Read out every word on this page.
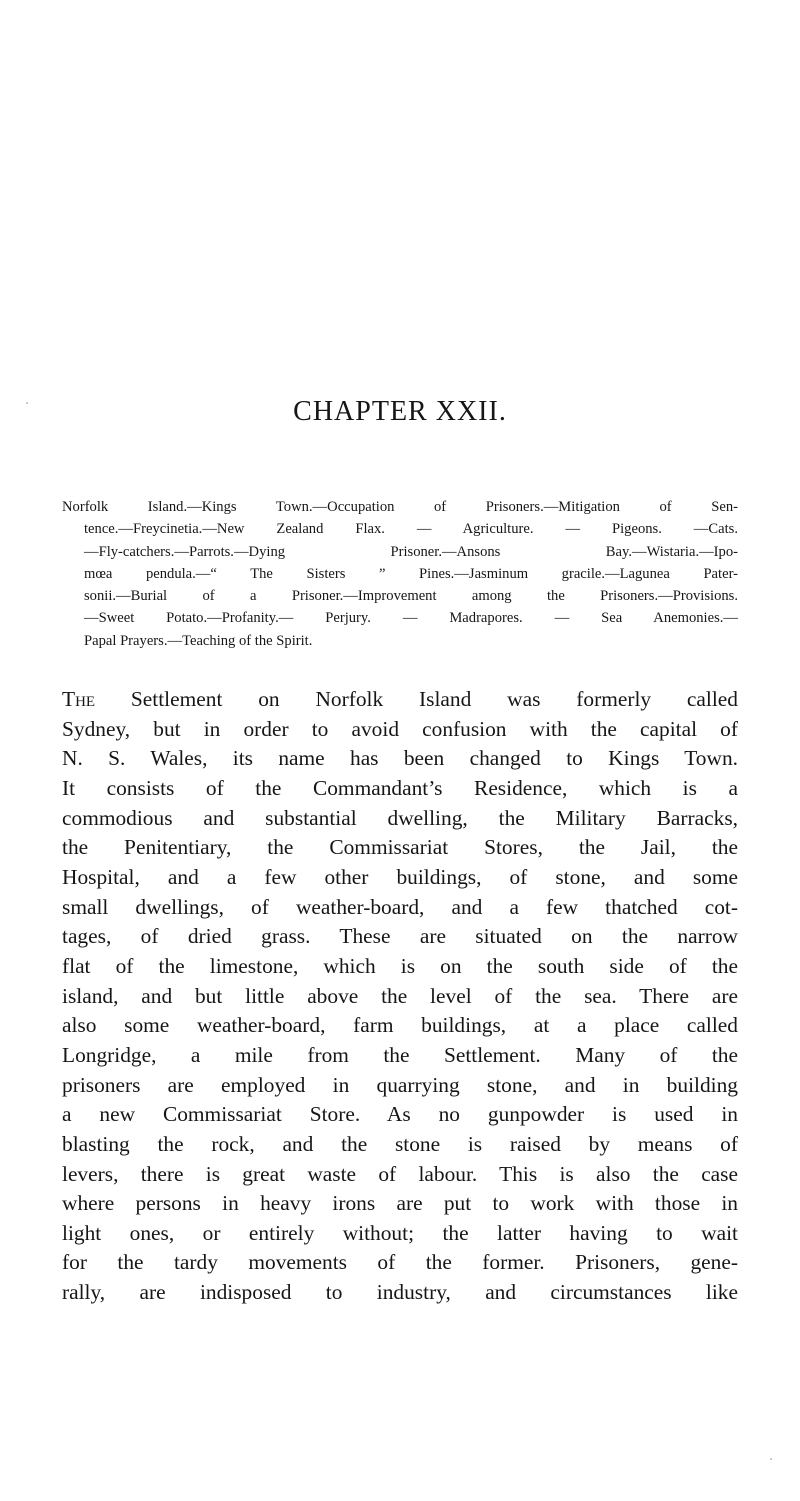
CHAPTER XXII.
Norfolk Island.—Kings Town.—Occupation of Prisoners.—Mitigation of Sen-
tence.—Freycinetia.—New Zealand Flax. — Agriculture. — Pigeons. —Cats.
—Fly-catchers.—Parrots.—Dying Prisoner.—Ansons Bay.—Wistaria.—Ipo-
mœa pendula.—“ The Sisters ” Pines.—Jasminum gracile.—Lagunea Pater-
sonii.—Burial of a Prisoner.—Improvement among the Prisoners.—Provisions.
—Sweet Potato.—Profanity.— Perjury. — Madrapores. — Sea Anemonies.—
Papal Prayers.—Teaching of the Spirit.
The Settlement on Norfolk Island was formerly called
Sydney, but in order to avoid confusion with the capital of
N. S. Wales, its name has been changed to Kings Town.
It consists of the Commandant’s Residence, which is a
commodious and substantial dwelling, the Military Barracks,
the Penitentiary, the Commissariat Stores, the Jail, the
Hospital, and a few other buildings, of stone, and some
small dwellings, of weather-board, and a few thatched cot-
tages, of dried grass. These are situated on the narrow
flat of the limestone, which is on the south side of the
island, and but little above the level of the sea. There are
also some weather-board, farm buildings, at a place called
Longridge, a mile from the Settlement. Many of the
prisoners are employed in quarrying stone, and in building
a new Commissariat Store. As no gunpowder is used in
blasting the rock, and the stone is raised by means of
levers, there is great waste of labour. This is also the case
where persons in heavy irons are put to work with those in
light ones, or entirely without; the latter having to wait
for the tardy movements of the former. Prisoners, gene-
rally, are indisposed to industry, and circumstances like
